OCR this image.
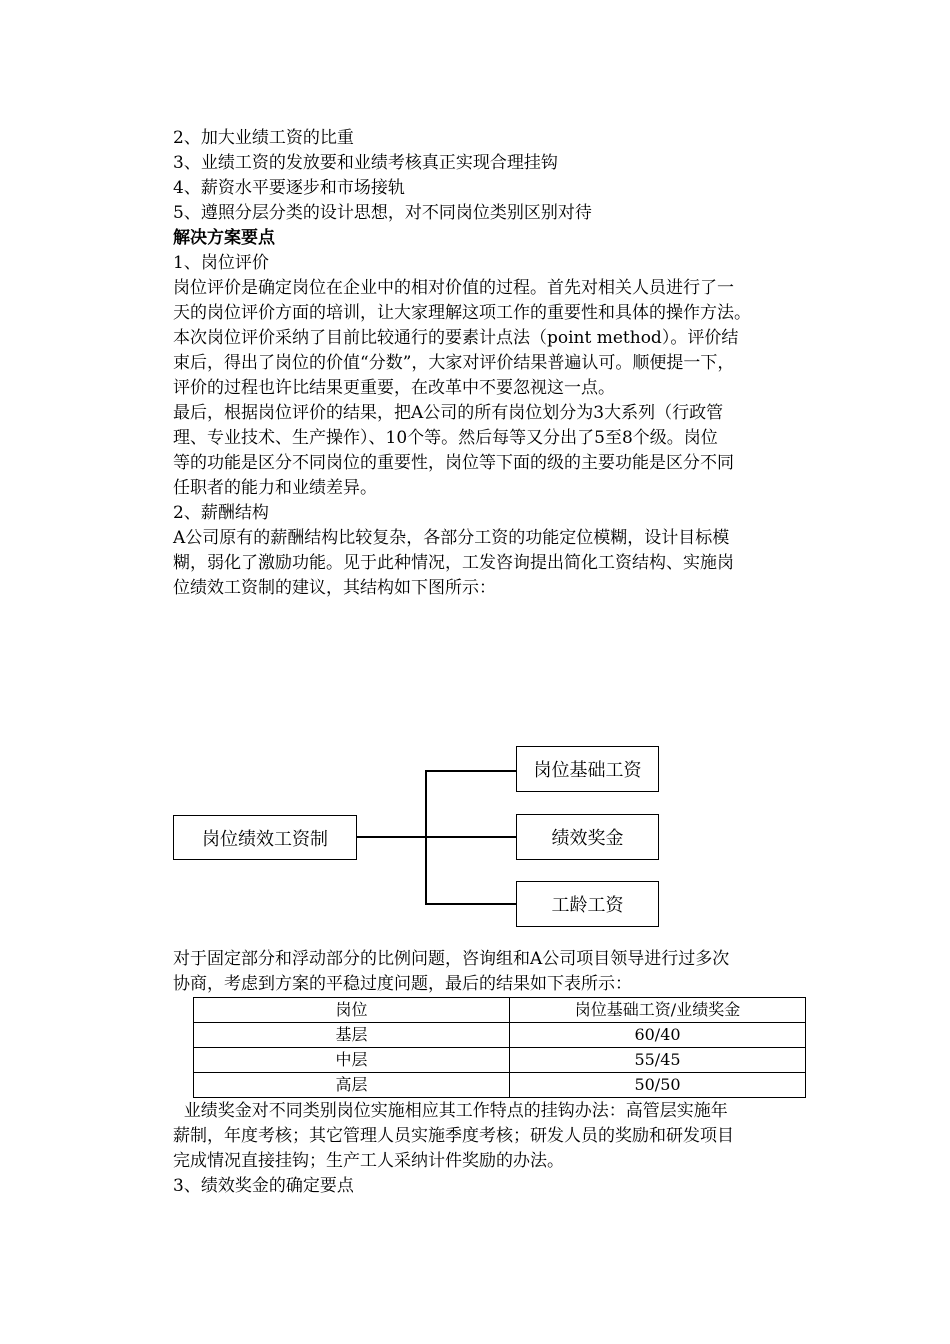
2、加大业绩工资的比重
3、业绩工资的发放要和业绩考核真正实现合理挂钩
4、薪资水平要逐步和市场接轨
5、遵照分层分类的设计思想，对不同岗位类别区别对待
解决方案要点
1、岗位评价
岗位评价是确定岗位在企业中的相对价值的过程。首先对相关人员进行了一
天的岗位评价方面的培训，让大家理解这项工作的重要性和具体的操作方法。
本次岗位评价采纳了目前比较通行的要素计点法（point method）。评价结
束后，得出了岗位的价值“分数”，大家对评价结果普遍认可。顺便提一下，
评价的过程也许比结果更重要，在改革中不要忽视这一点。
最后，根据岗位评价的结果，把A公司的所有岗位划分为3大系列（行政管
理、专业技术、生产操作）、10个等。然后每等又分出了5至8个级。岗位
等的功能是区分不同岗位的重要性，岗位等下面的级的主要功能是区分不同
任职者的能力和业绩差异。
2、薪酬结构
A公司原有的薪酬结构比较复杂，各部分工资的功能定位模糊，设计目标模
糊，弱化了激励功能。见于此种情况，工发咨询提出简化工资结构、实施岗
位绩效工资制的建议，其结构如下图所示：
岗位绩效工资制
岗位基础工资
绩效奖金
工龄工资
对于固定部分和浮动部分的比例问题，咨询组和A公司项目领导进行过多次
协商，考虑到方案的平稳过度问题，最后的结果如下表所示：
岗位	岗位基础工资/业绩奖金
基层	60/40
中层	55/45
高层	50/50
业绩奖金对不同类别岗位实施相应其工作特点的挂钩办法：高管层实施年
薪制，年度考核；其它管理人员实施季度考核；研发人员的奖励和研发项目
完成情况直接挂钩；生产工人采纳计件奖励的办法。
3、绩效奖金的确定要点
